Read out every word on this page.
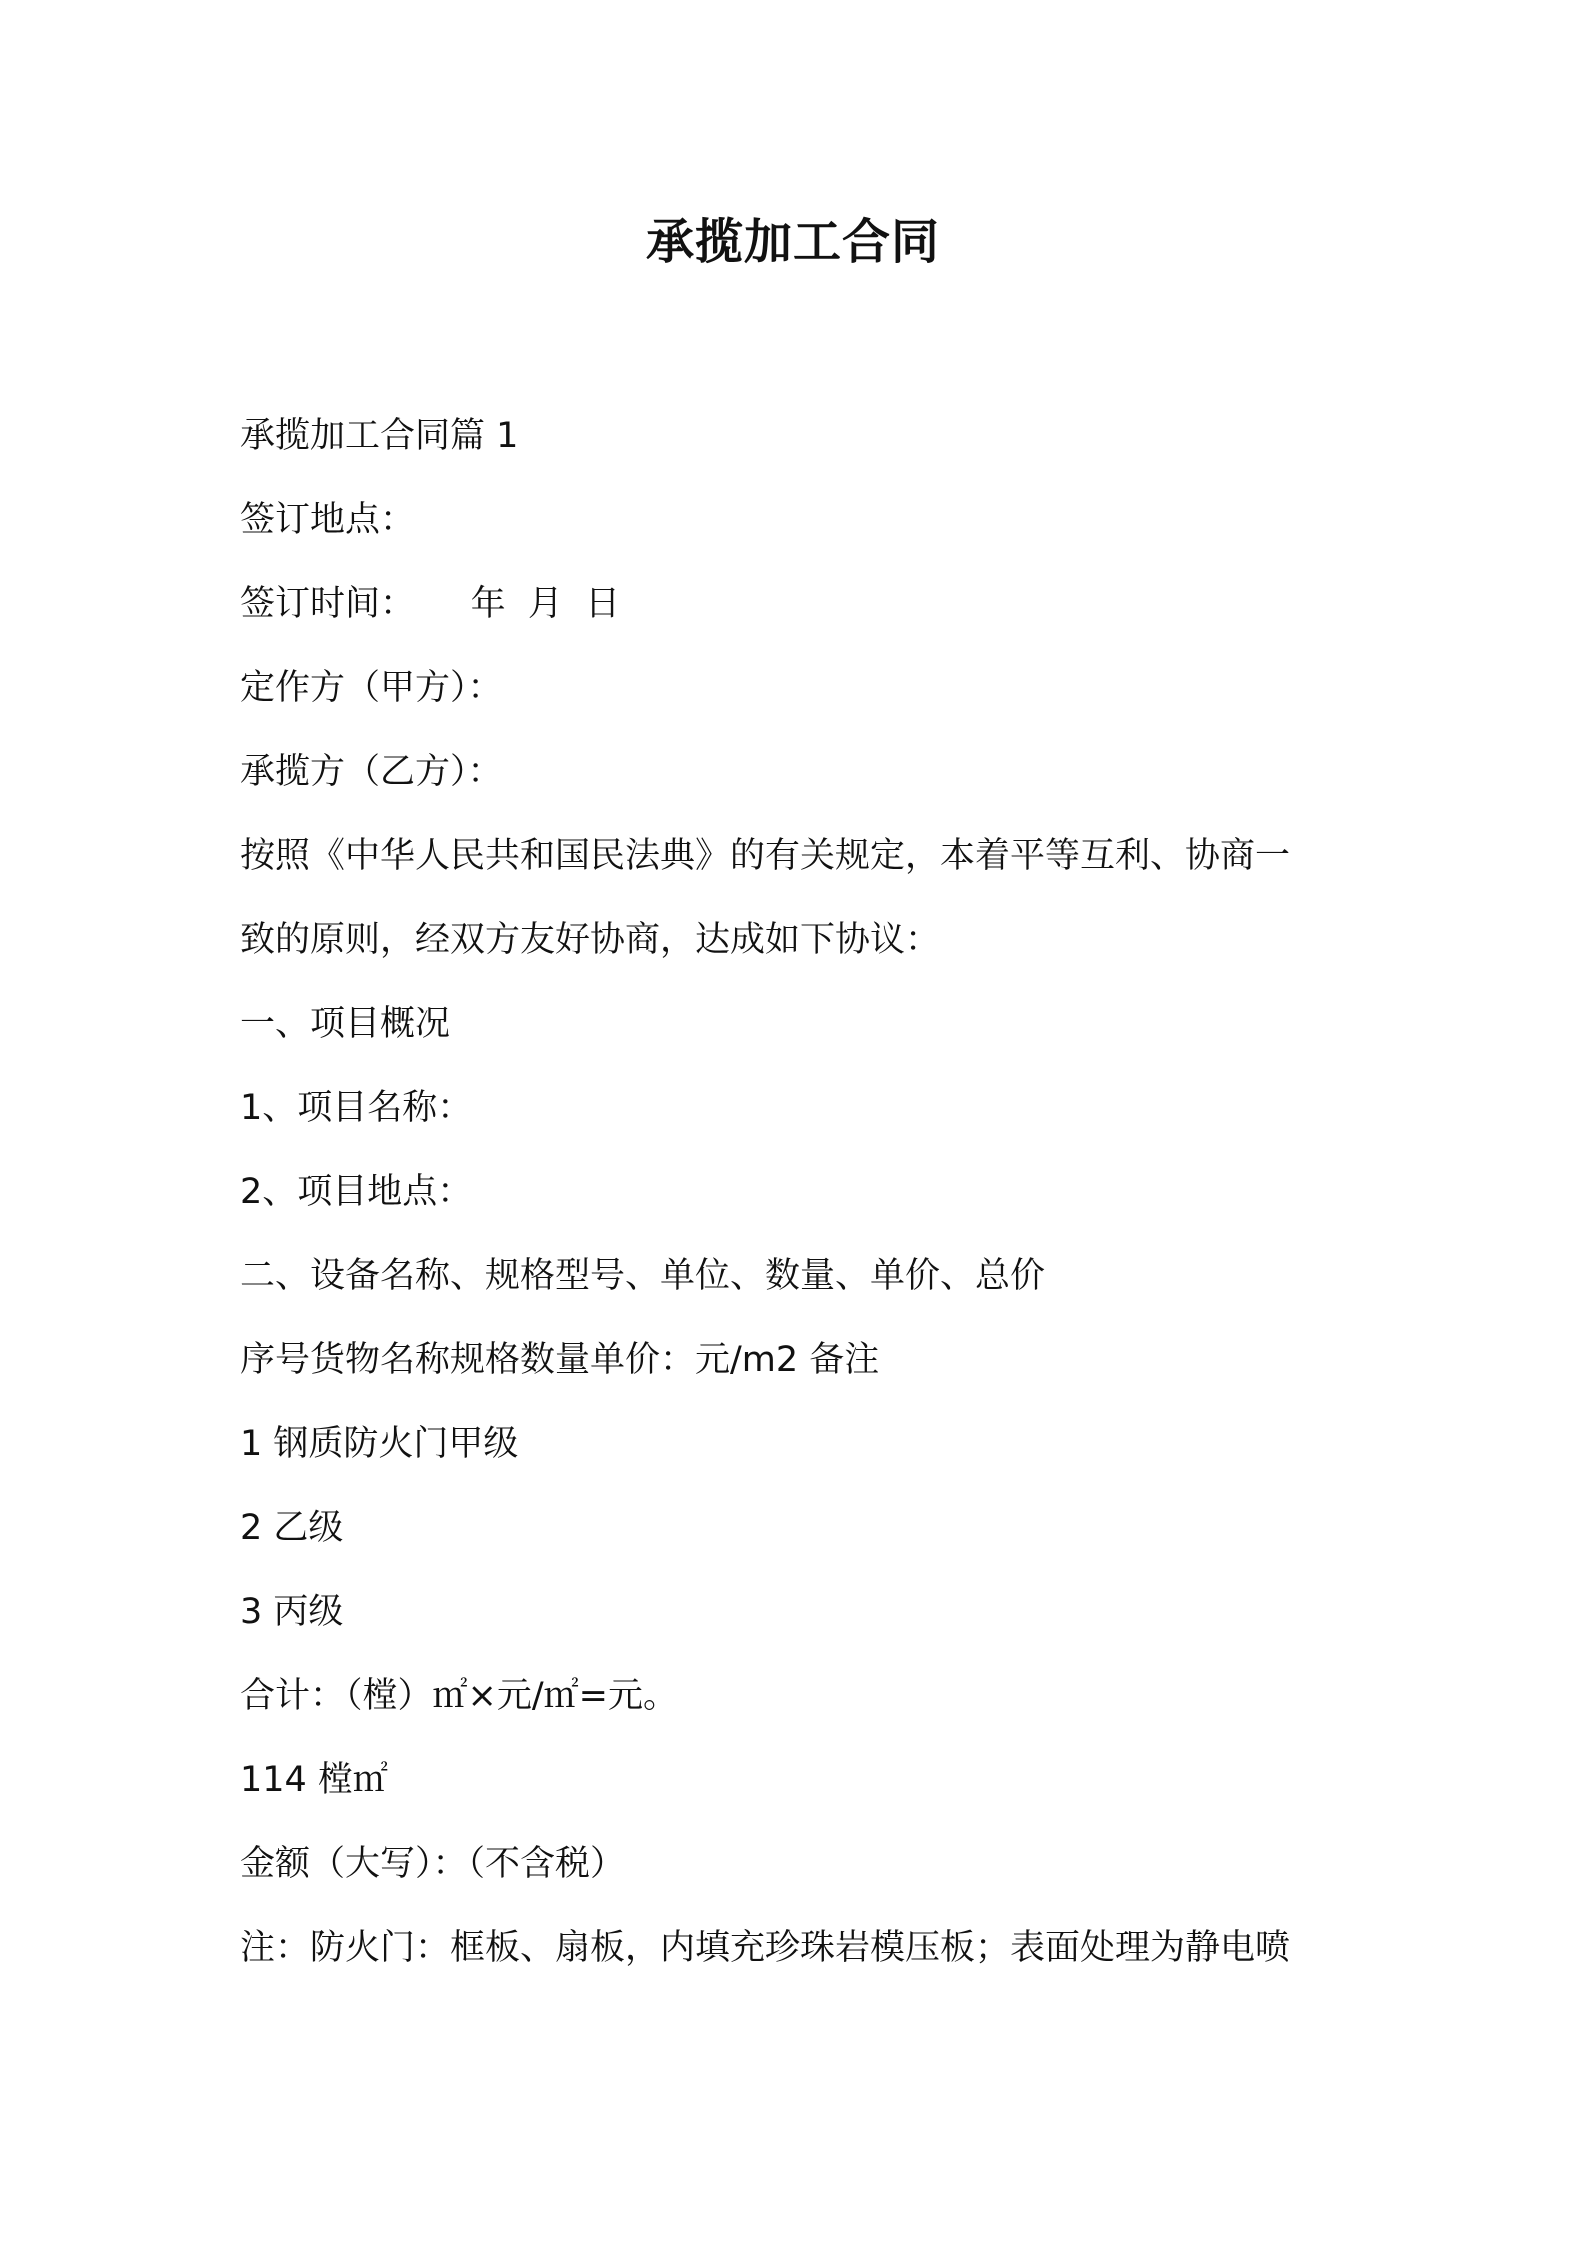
承揽加工合同
承揽加工合同篇 1
签订地点：
签订时间：     年  月  日
定作方（甲方）：
承揽方（乙方）：
按照《中华人民共和国民法典》的有关规定，本着平等互利、协商一
致的原则，经双方友好协商，达成如下协议：
一、项目概况
1、项目名称：
2、项目地点：
二、设备名称、规格型号、单位、数量、单价、总价
序号货物名称规格数量单价：元/m2 备注
1 钢质防火门甲级
2 乙级
3 丙级
合计：（樘）㎡×元/㎡=元。
114 樘㎡
金额（大写）：（不含税）
注：防火门：框板、扇板，内填充珍珠岩模压板；表面处理为静电喷
